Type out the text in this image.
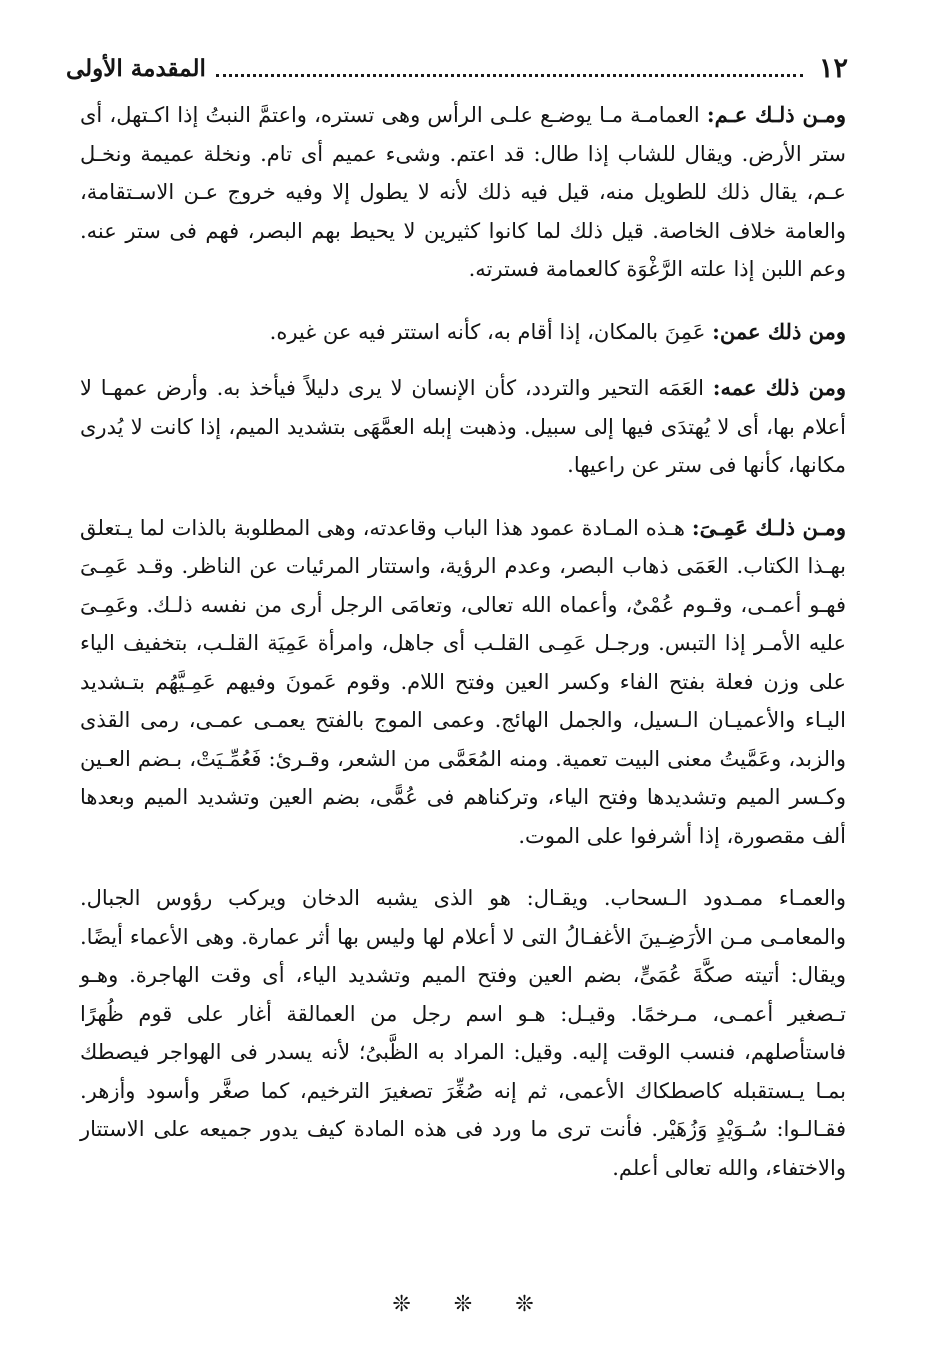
١٢
المقدمة الأولى

ومـن ذلـك عـم: العمامـة مـا يوضـع علـى الرأس وهى تستره، واعتمَّ النبتُ إذا اكـتهل، أى ستر الأرض. ويقال للشاب إذا طال: قد اعتم. وشىء عميم أى تام. ونخلة عميمة ونخـل عـم، يقال ذلك للطويل منه، قيل فيه ذلك لأنه لا يطول إلا وفيه خروج عـن الاسـتقامة، والعامة خلاف الخاصة. قيل ذلك لما كانوا كثيرين لا يحيط بهم البصر، فهم فى ستر عنه. وعم اللبن إذا علته الرَّغْوَة كالعمامة فسترته.

ومن ذلك عمن: عَمِنَ بالمكان، إذا أقام به، كأنه استتر فيه عن غيره.

ومن ذلك عمه: العَمَه التحير والتردد، كأن الإنسان لا يرى دليلاً فيأخذ به. وأرض عمهـا لا أعلام بها، أى لا يُهتدَى فيها إلى سبيل. وذهبت إبله العمَّهَى بتشديد الميم، إذا كانت لا يُدرى مكانها، كأنها فى ستر عن راعيها.

ومـن ذلـك عَمِـىَ: هـذه المـادة عمود هذا الباب وقاعدته، وهى المطلوبة بالذات لما يـتعلق بهـذا الكتاب. العَمَى ذهاب البصر، وعدم الرؤية، واستتار المرئيات عن الناظر. وقـد عَمِـىَ فهـو أعمـى، وقـوم عُمْىٌ، وأعماه الله تعالى، وتعامَى الرجل أرى من نفسه ذلـك. وعَمِـىَ عليه الأمـر إذا التبس. ورجـل عَمِـى القلـب أى جاهل، وامرأة عَمِيَة القلـب، بتخفيف الياء على وزن فعلة بفتح الفاء وكسر العين وفتح اللام. وقوم عَمونَ وفيهم عَمِـيَّهُم بتـشديد اليـاء والأعميـان الـسيل، والجمل الهائج. وعمى الموج بالفتح يعمـى عمـى، رمى القذى والزبد، وعَمَّيتُ معنى البيت تعمية. ومنه المُعَمَّى من الشعر، وقـرئ: فَعُمِّـيَتْ، بـضم العـين وكـسر الميم وتشديدها وفتح الياء، وتركناهم فى عُمًّى، بضم العين وتشديد الميم وبعدها ألف مقصورة، إذا أشرفوا على الموت.

والعمـاء ممـدود الـسحاب. ويقـال: هو الذى يشبه الدخان ويركب رؤوس الجبال. والمعامـى مـن الأرَضِـينَ الأغفـالُ التى لا أعلام لها وليس بها أثر عمارة. وهى الأعماء أيضًا. ويقال: أتيته صكَّةَ عُمَىٍّ، بضم العين وفتح الميم وتشديد الياء، أى وقت الهاجرة. وهـو تـصغير أعمـى، مـرخمًا. وقيـل: هـو اسم رجل من العمالقة أغار على قوم ظُهرًا فاستأصلهم، فنسب الوقت إليه. وقيل: المراد به الظَّبىُ؛ لأنه يسدر فى الهواجر فيصطك بمـا يـستقبله كاصطكاك الأعمى، ثم إنه صُغِّرَ تصغيرَ الترخيم، كما صغَّر وأسود وأزهر. فقـالـوا: سُـوَيْدٍ وَزُهَيْر. فأنت ترى ما ورد فى هذه المادة كيف يدور جميعه على الاستتار والاختفاء، والله تعالى أعلم.

❊ ❊ ❊
